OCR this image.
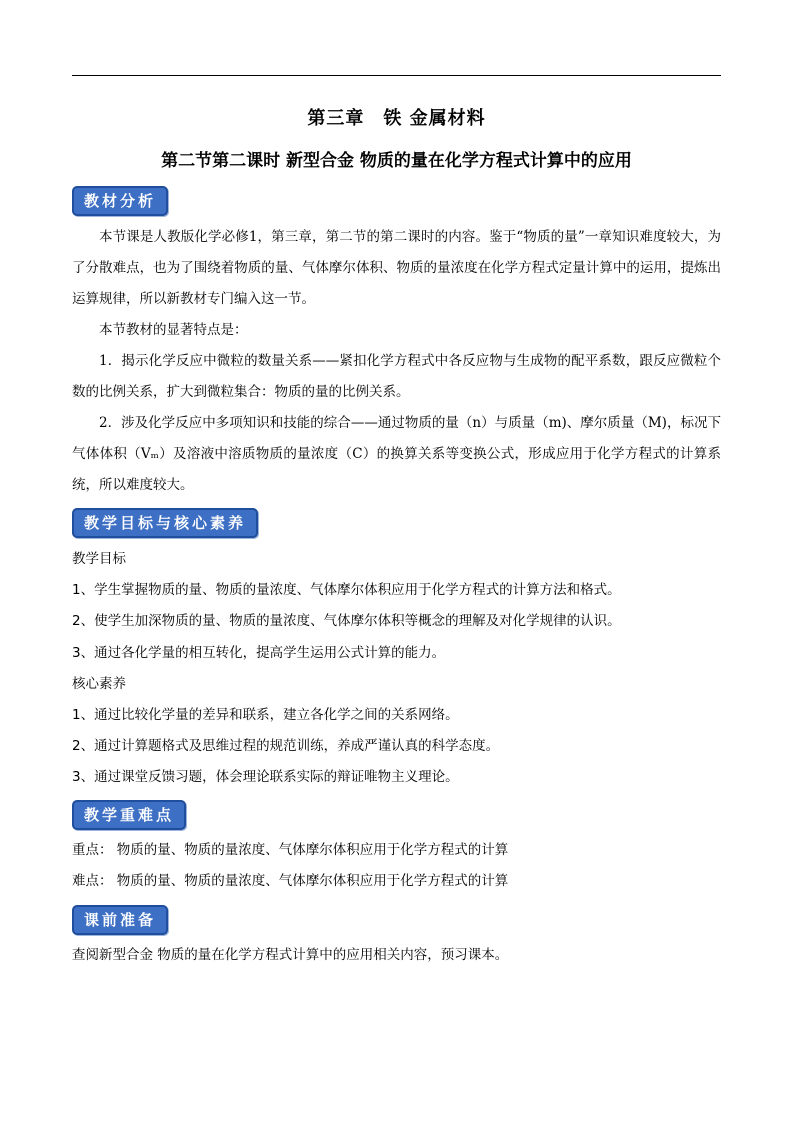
第三章　铁 金属材料
第二节第二课时 新型合金 物质的量在化学方程式计算中的应用
教材分析

本节课是人教版化学必修1，第三章，第二节的第二课时的内容。鉴于“物质的量”一章知识难度较大，为了分散难点，也为了围绕着物质的量、气体摩尔体积、物质的量浓度在化学方程式定量计算中的运用，提炼出运算规律，所以新教材专门编入这一节。

本节教材的显著特点是：

1．揭示化学反应中微粒的数量关系——紧扣化学方程式中各反应物与生成物的配平系数，跟反应微粒个数的比例关系，扩大到微粒集合：物质的量的比例关系。

2．涉及化学反应中多项知识和技能的综合——通过物质的量（n）与质量（m)、摩尔质量（M)，标况下气体体积（Vₘ）及溶液中溶质物质的量浓度（C）的换算关系等变换公式，形成应用于化学方程式的计算系统，所以难度较大。

教学目标与核心素养
教学目标
1、学生掌握物质的量、物质的量浓度、气体摩尔体积应用于化学方程式的计算方法和格式。
2、使学生加深物质的量、物质的量浓度、气体摩尔体积等概念的理解及对化学规律的认识。
3、通过各化学量的相互转化，提高学生运用公式计算的能力。
核心素养
1、通过比较化学量的差异和联系，建立各化学之间的关系网络。
2、通过计算题格式及思维过程的规范训练，养成严谨认真的科学态度。
3、通过课堂反馈习题，体会理论联系实际的辩证唯物主义理论。
教学重难点
重点： 物质的量、物质的量浓度、气体摩尔体积应用于化学方程式的计算
难点： 物质的量、物质的量浓度、气体摩尔体积应用于化学方程式的计算
课前准备
查阅新型合金 物质的量在化学方程式计算中的应用相关内容，预习课本。
